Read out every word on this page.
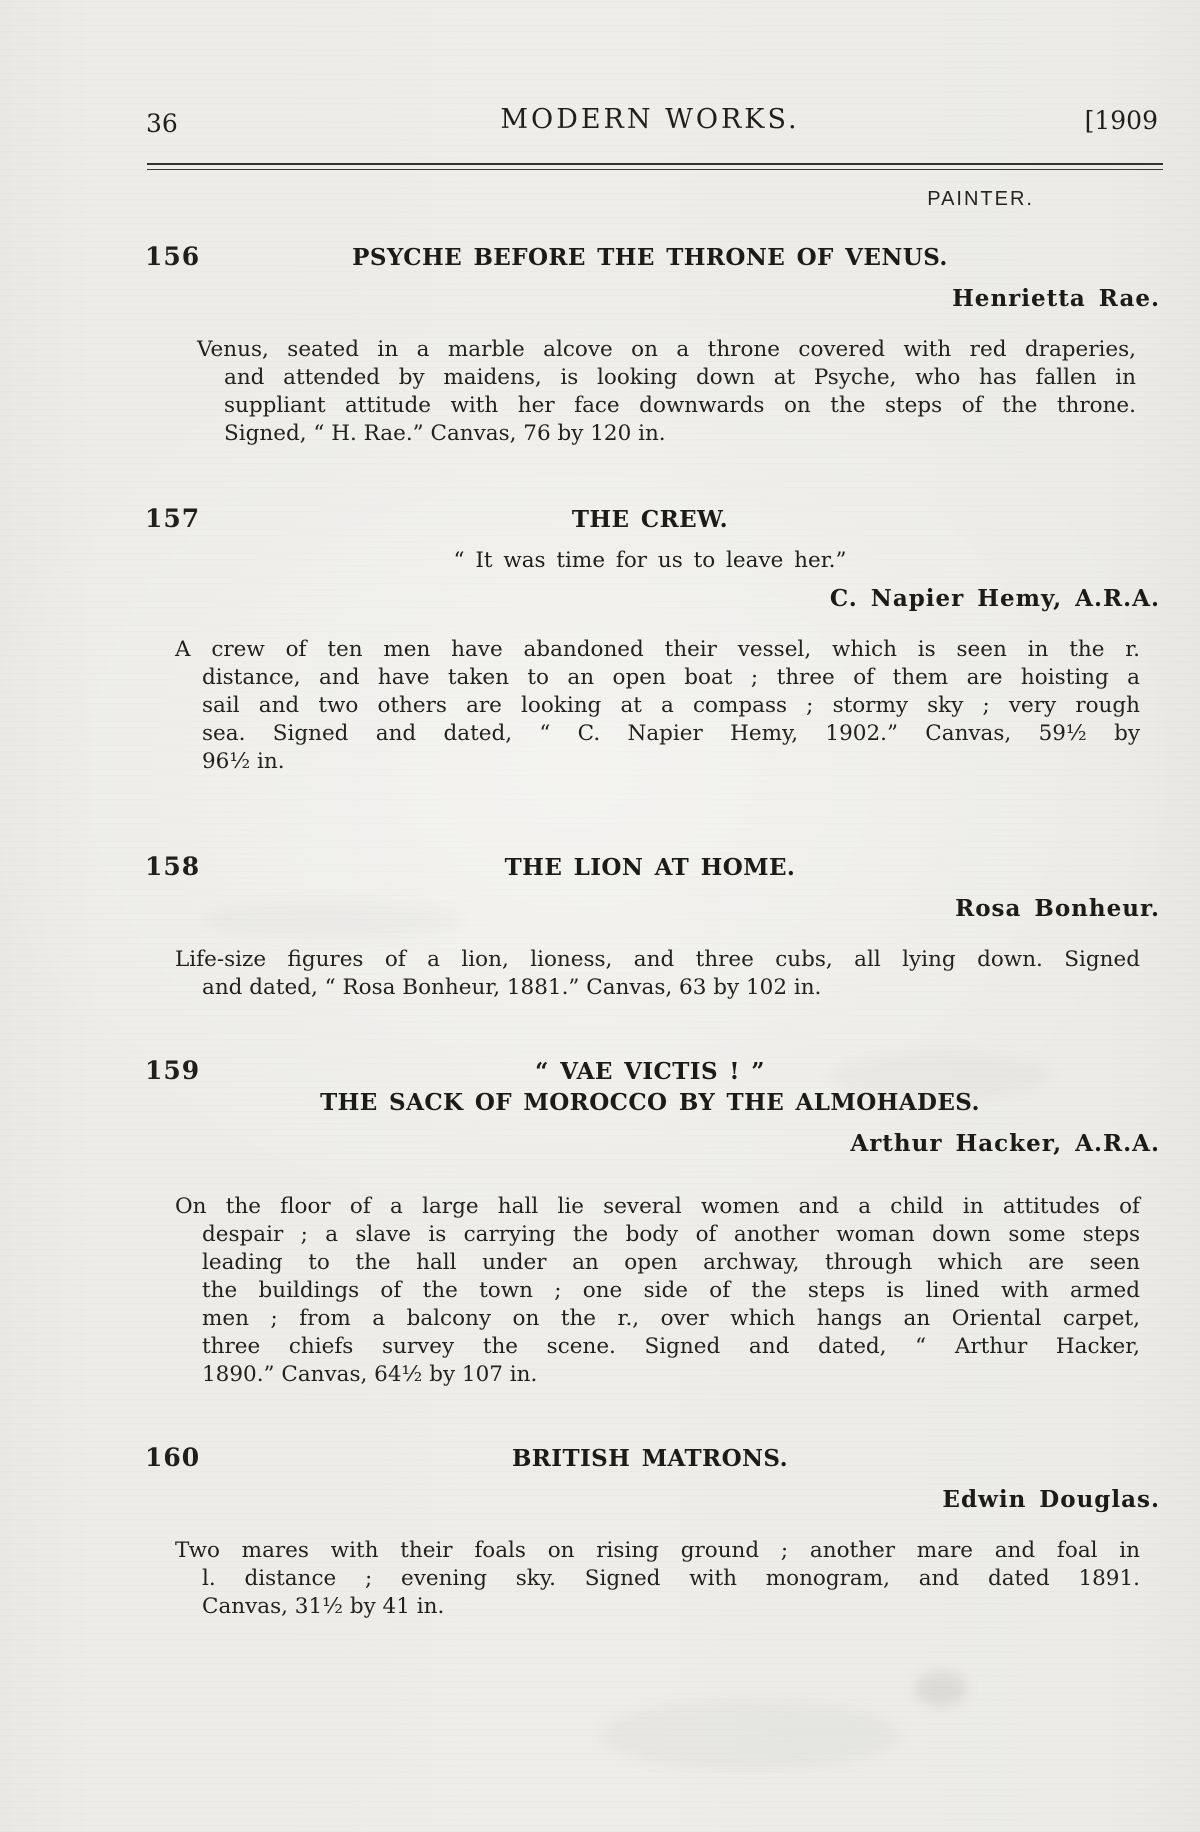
36	MODERN WORKS.	[1909
PAINTER.
156	PSYCHE BEFORE THE THRONE OF VENUS.
Henrietta Rae.
Venus, seated in a marble alcove on a throne covered with red draperies,
and attended by maidens, is looking down at Psyche, who has fallen in
suppliant attitude with her face downwards on the steps of the throne.
Signed, “ H. Rae.” Canvas, 76 by 120 in.
157	THE CREW.
“ It was time for us to leave her.”
C. Napier Hemy, A.R.A.
A crew of ten men have abandoned their vessel, which is seen in the r.
distance, and have taken to an open boat ; three of them are hoisting a
sail and two others are looking at a compass ; stormy sky ; very rough
sea. Signed and dated, “ C. Napier Hemy, 1902.” Canvas, 59½ by
96½ in.
158	THE LION AT HOME.
Rosa Bonheur.
Life-size figures of a lion, lioness, and three cubs, all lying down. Signed
and dated, “ Rosa Bonheur, 1881.” Canvas, 63 by 102 in.
159	“ VAE VICTIS ! ”
THE SACK OF MOROCCO BY THE ALMOHADES.
Arthur Hacker, A.R.A.
On the floor of a large hall lie several women and a child in attitudes of
despair ; a slave is carrying the body of another woman down some steps
leading to the hall under an open archway, through which are seen
the buildings of the town ; one side of the steps is lined with armed
men ; from a balcony on the r., over which hangs an Oriental carpet,
three chiefs survey the scene. Signed and dated, “ Arthur Hacker,
1890.” Canvas, 64½ by 107 in.
160	BRITISH MATRONS.
Edwin Douglas.
Two mares with their foals on rising ground ; another mare and foal in
l. distance ; evening sky. Signed with monogram, and dated 1891.
Canvas, 31½ by 41 in.
